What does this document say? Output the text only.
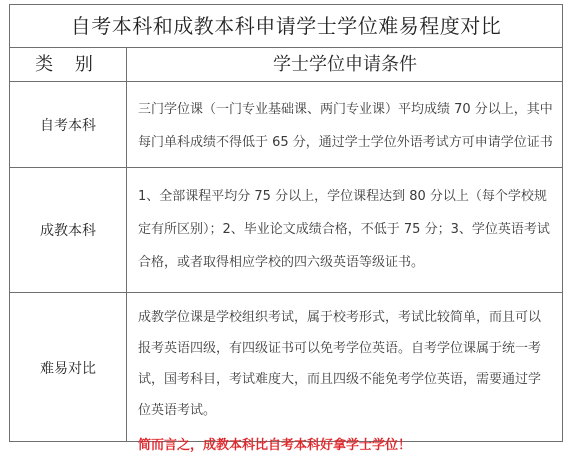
自考本科和成教本科申请学士学位难易程度对比
类 别	学士学位申请条件
自考本科

三门学位课（一门专业基础课、两门专业课）平均成绩 70 分以上，其中每门单科成绩不得低于 65 分，通过学士学位外语考试方可申请学位证书

成教本科

1、全部课程平均分 75 分以上，学位课程达到 80 分以上（每个学校规定有所区别）；2、毕业论文成绩合格，不低于 75 分；3、学位英语考试合格，或者取得相应学校的四六级英语等级证书。

难易对比

成教学位课是学校组织考试，属于校考形式，考试比较简单，而且可以报考英语四级，有四级证书可以免考学位英语。自考学位课属于统一考试，国考科目，考试难度大，而且四级不能免考学位英语，需要通过学位英语考试。

简而言之，成教本科比自考本科好拿学士学位！
